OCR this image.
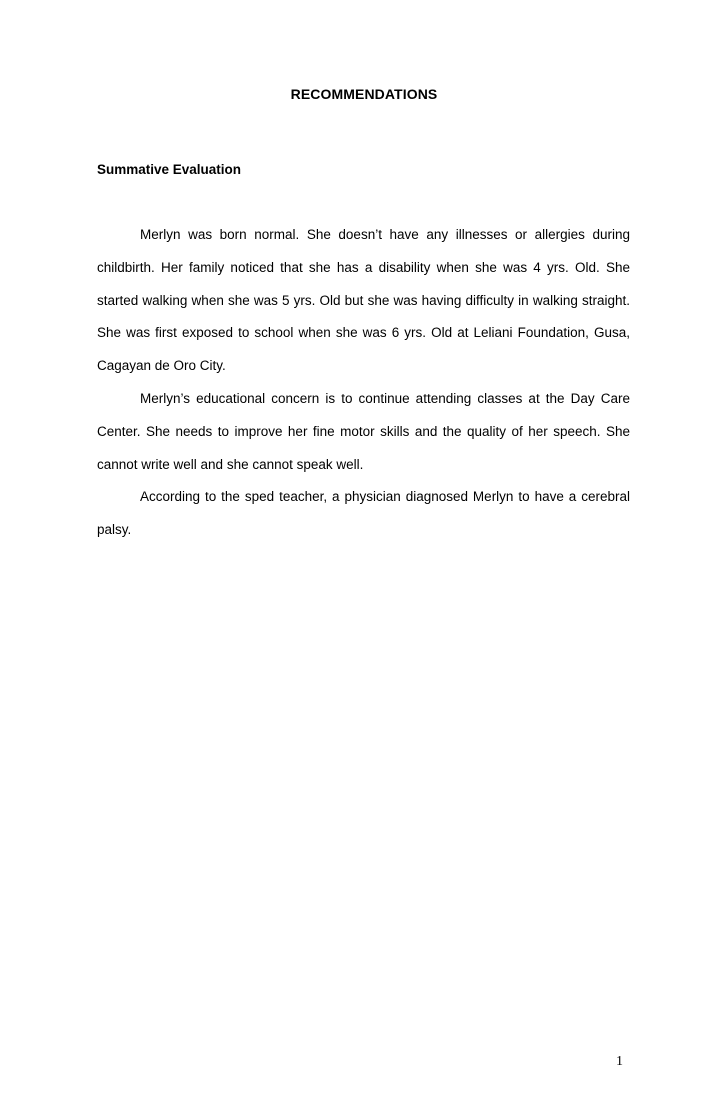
RECOMMENDATIONS
Summative Evaluation

Merlyn was born normal. She doesn’t have any illnesses or allergies during childbirth. Her family noticed that she has a disability when she was 4 yrs. Old. She started walking when she was 5 yrs. Old but she was having difficulty in walking straight. She was first exposed to school when she was 6 yrs. Old at Leliani Foundation, Gusa, Cagayan de Oro City.

Merlyn’s educational concern is to continue attending classes at the Day Care Center. She needs to improve her fine motor skills and the quality of her speech. She cannot write well and she cannot speak well.

According to the sped teacher, a physician diagnosed Merlyn to have a cerebral palsy.

1
